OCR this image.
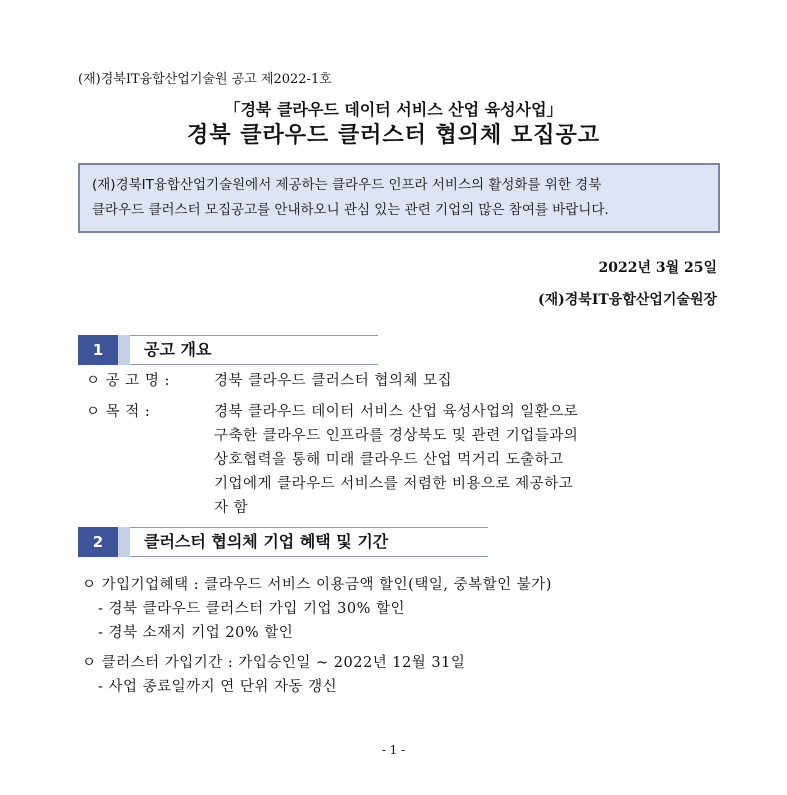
(재)경북IT융합산업기술원 공고 제2022-1호
「경북 클라우드 데이터 서비스 산업 육성사업」
경북 클라우드 클러스터 협의체 모집공고

(재)경북IT융합산업기술원에서 제공하는 클라우드 인프라 서비스의 활성화를 위한 경북

클라우드 클러스터 모집공고를 안내하오니 관심 있는 관련 기업의 많은 참여를 바랍니다.

2022년 3월 25일
(재)경북IT융합산업기술원장
1	공고 개요
ㅇ 공 고 명 :	경북 클라우드 클러스터 협의체 모집
ㅇ 목 적 :	경북 클라우드 데이터 서비스 산업 육성사업의 일환으로
구축한 클라우드 인프라를 경상북도 및 관련 기업들과의
상호협력을 통해 미래 클라우드 산업 먹거리 도출하고
기업에게 클라우드 서비스를 저렴한 비용으로 제공하고
자 함
2	클러스터 협의체 기업 혜택 및 기간
ㅇ 가입기업혜택 : 클라우드 서비스 이용금액 할인(택일, 중복할인 불가)
- 경북 클라우드 클러스터 가입 기업 30% 할인
- 경북 소재지 기업 20% 할인
ㅇ 클러스터 가입기간 : 가입승인일 ~ 2022년 12월 31일
- 사업 종료일까지 연 단위 자동 갱신
- 1 -
